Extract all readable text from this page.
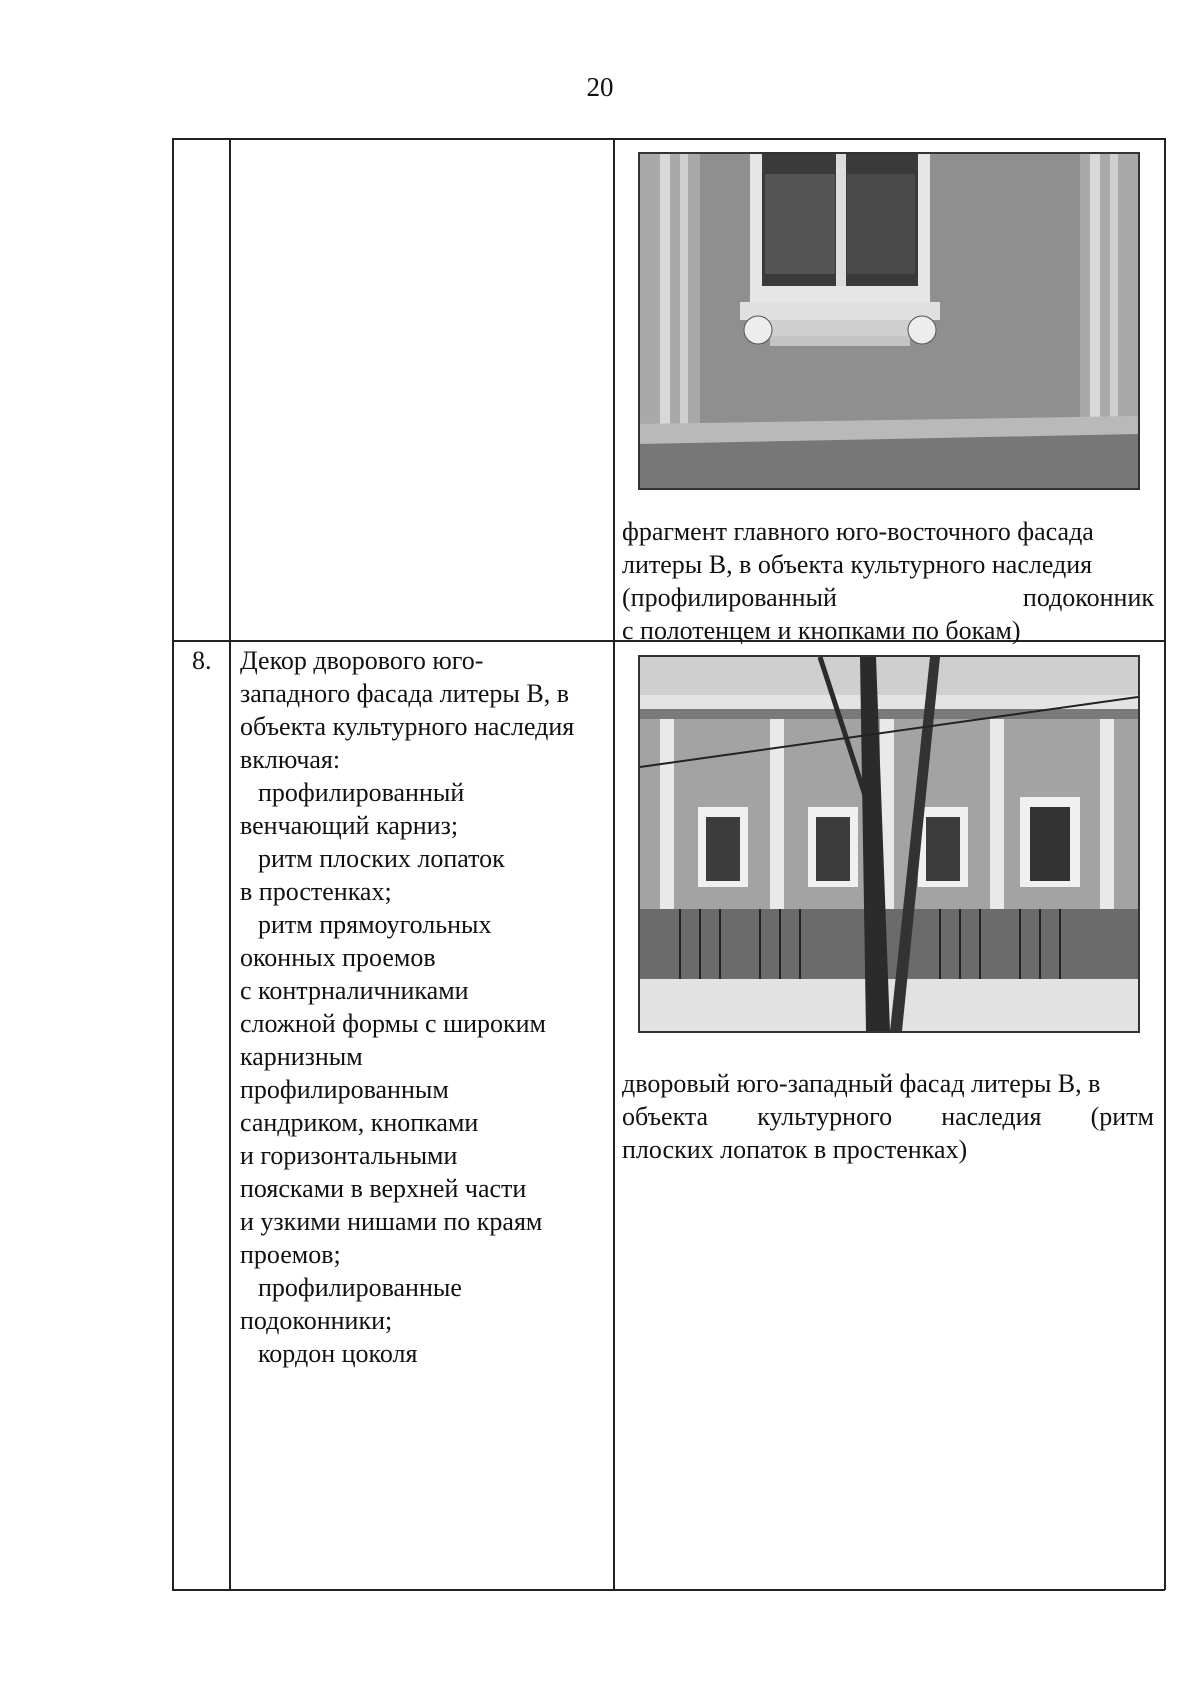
20
фрагмент главного юго-восточного фасада
литеры В, в объекта культурного наследия
(профилированный	подоконник
с полотенцем и кнопками по бокам)
8. Декор дворового юго-
западного фасада литеры В, в
объекта культурного наследия
включая:
профилированный
венчающий карниз;
ритм плоских лопаток
в простенках;
ритм прямоугольных
оконных проемов
с контрналичниками
сложной формы с широким
карнизным
профилированным
сандриком, кнопками
и горизонтальными
поясками в верхней части
и узкими нишами по краям
проемов;
профилированные
подоконники;
кордон цоколя
дворовый юго-западный фасад литеры В, в
объекта культурного наследия (ритм
плоских лопаток в простенках)
